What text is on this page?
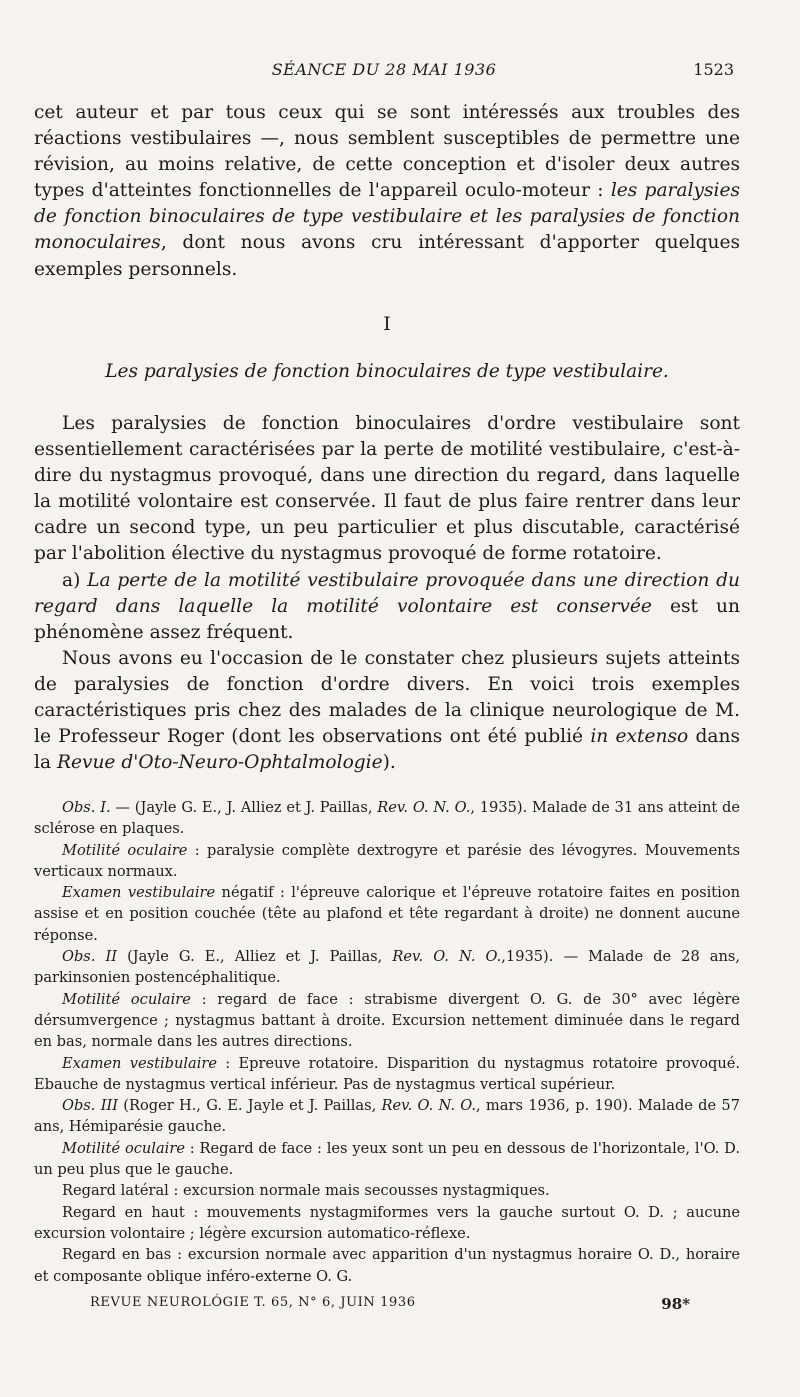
SÉANCE DU 28 MAI 1936	1523

cet auteur et par tous ceux qui se sont intéressés aux troubles des réactions vestibulaires —, nous semblent susceptibles de permettre une révision, au moins relative, de cette conception et d'isoler deux autres types d'atteintes fonctionnelles de l'appareil oculo-moteur : les paralysies de fonction binoculaires de type vestibulaire et les paralysies de fonction monoculaires, dont nous avons cru intéressant d'apporter quelques exemples personnels.

I
Les paralysies de fonction binoculaires de type vestibulaire.

Les paralysies de fonction binoculaires d'ordre vestibulaire sont essentiellement caractérisées par la perte de motilité vestibulaire, c'est-à-dire du nystagmus provoqué, dans une direction du regard, dans laquelle la motilité volontaire est conservée. Il faut de plus faire rentrer dans leur cadre un second type, un peu particulier et plus discutable, caractérisé par l'abolition élective du nystagmus provoqué de forme rotatoire.

a) La perte de la motilité vestibulaire provoquée dans une direction du regard dans laquelle la motilité volontaire est conservée est un phénomène assez fréquent.

Nous avons eu l'occasion de le constater chez plusieurs sujets atteints de paralysies de fonction d'ordre divers. En voici trois exemples caractéristiques pris chez des malades de la clinique neurologique de M. le Professeur Roger (dont les observations ont été publié in extenso dans la Revue d'Oto-Neuro-Ophtalmologie).

Obs. I. — (Jayle G. E., J. Alliez et J. Paillas, Rev. O. N. O., 1935). Malade de 31 ans atteint de sclérose en plaques.

Motilité oculaire : paralysie complète dextrogyre et parésie des lévogyres. Mouvements verticaux normaux.

Examen vestibulaire négatif : l'épreuve calorique et l'épreuve rotatoire faites en position assise et en position couchée (tête au plafond et tête regardant à droite) ne donnent aucune réponse.

Obs. II (Jayle G. E., Alliez et J. Paillas, Rev. O. N. O.,1935). — Malade de 28 ans, parkinsonien postencéphalitique.

Motilité oculaire : regard de face : strabisme divergent O. G. de 30° avec légère dérsumvergence ; nystagmus battant à droite. Excursion nettement diminuée dans le regard en bas, normale dans les autres directions.

Examen vestibulaire : Epreuve rotatoire. Disparition du nystagmus rotatoire provoqué. Ebauche de nystagmus vertical inférieur. Pas de nystagmus vertical supérieur.

Obs. III (Roger H., G. E. Jayle et J. Paillas, Rev. O. N. O., mars 1936, p. 190). Malade de 57 ans, Hémiparésie gauche.

Motilité oculaire : Regard de face : les yeux sont un peu en dessous de l'horizontale, l'O. D. un peu plus que le gauche.

Regard latéral : excursion normale mais secousses nystagmiques.

Regard en haut : mouvements nystagmiformes vers la gauche surtout O. D. ; aucune excursion volontaire ; légère excursion automatico-réflexe.

Regard en bas : excursion normale avec apparition d'un nystagmus horaire O. D., horaire et composante oblique inféro-externe O. G.

REVUE NEUROLÓGIE T. 65, N° 6, JUIN 1936	98*
